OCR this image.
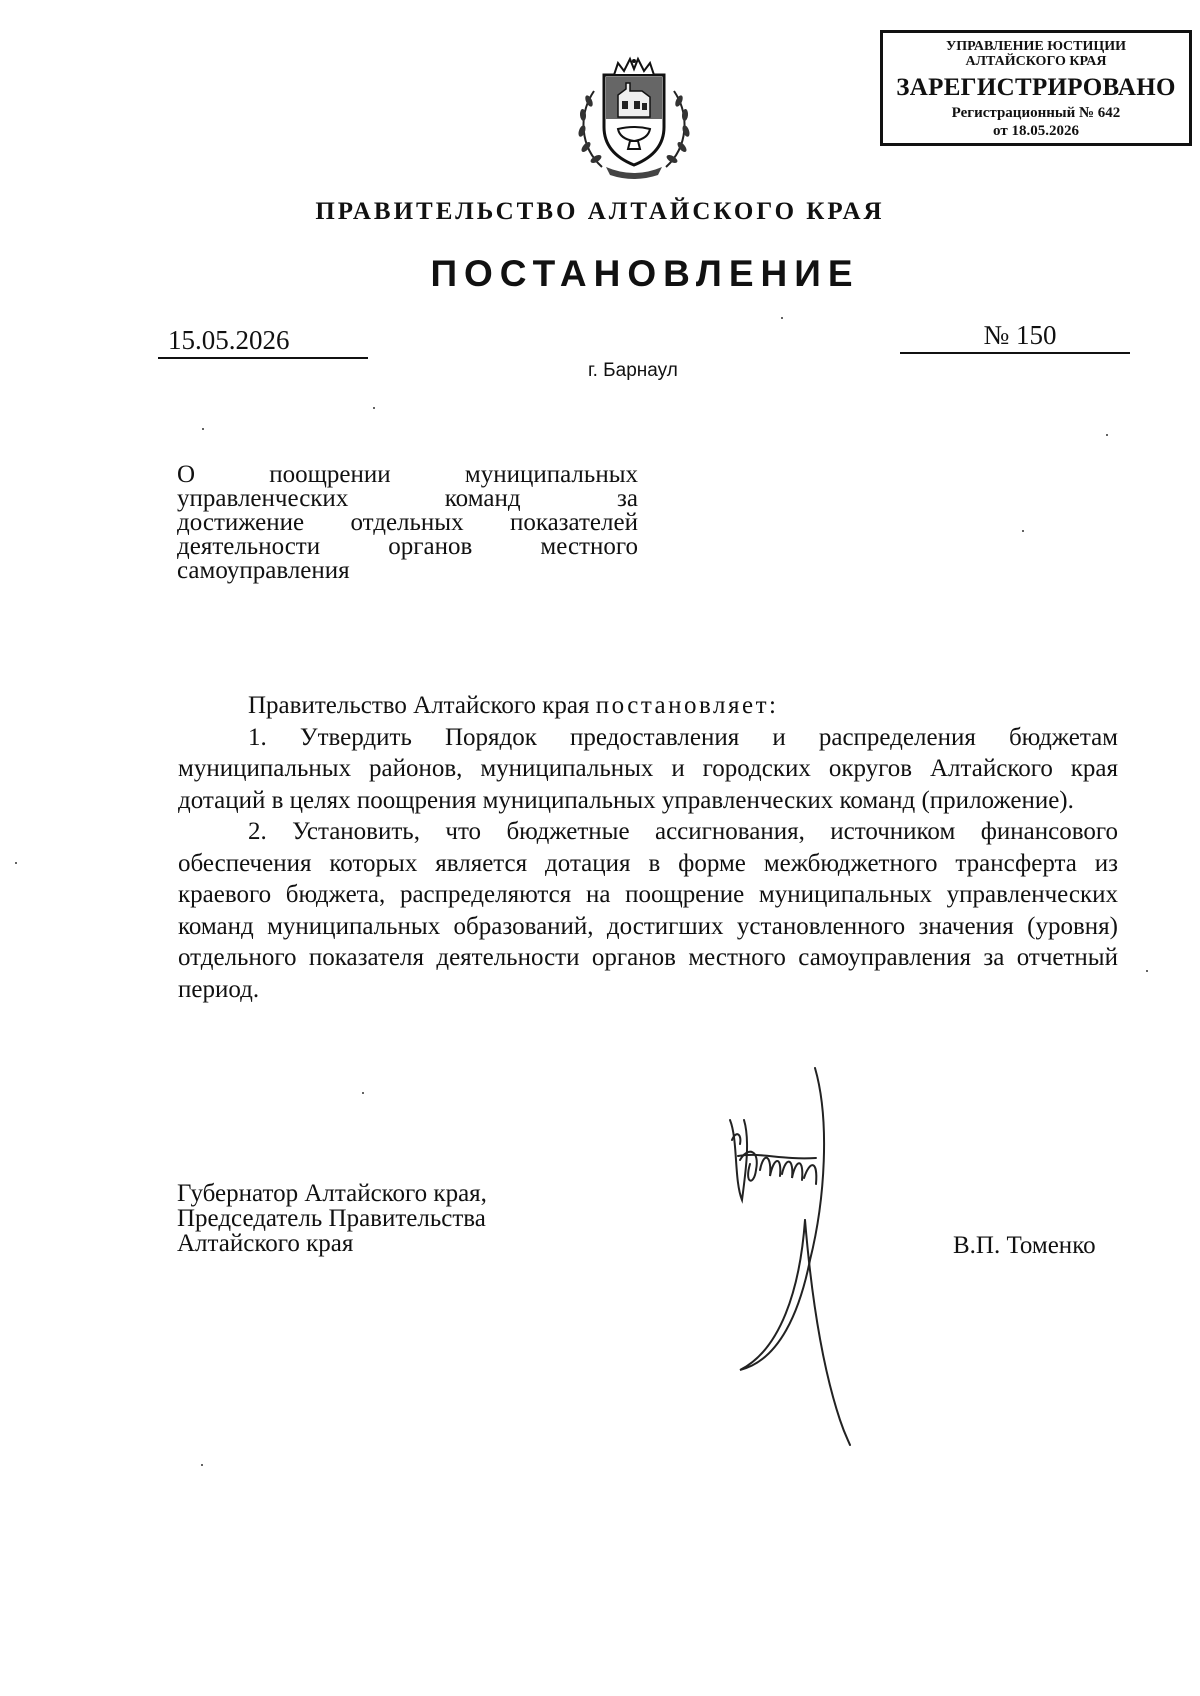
УПРАВЛЕНИЕ ЮСТИЦИИ
АЛТАЙСКОГО КРАЯ
ЗАРЕГИСТРИРОВАНО
Регистрационный № 642
от 18.05.2026
ПРАВИТЕЛЬСТВО АЛТАЙСКОГО КРАЯ
ПОСТАНОВЛЕНИЕ
15.05.2026	№ 150
г. Барнаул
О	поощрении	муниципальных
управленческих	команд	за
достижение отдельных показателей
деятельности	органов	местного
самоуправления

Правительство Алтайского края постановляет:

1. Утвердить Порядок предоставления и распределения бюджетам муниципальных районов, муниципальных и городских округов Алтайского края дотаций в целях поощрения муниципальных управленческих команд (приложение).

2. Установить, что бюджетные ассигнования, источником финансового обеспечения которых является дотация в форме межбюджетного трансферта из краевого бюджета, распределяются на поощрение муниципальных управленческих команд муниципальных образований, достигших установленного значения (уровня) отдельного показателя деятельности органов местного самоуправления за отчетный период.

Губернатор Алтайского края,
Председатель Правительства
Алтайского края	В.П. Томенко
